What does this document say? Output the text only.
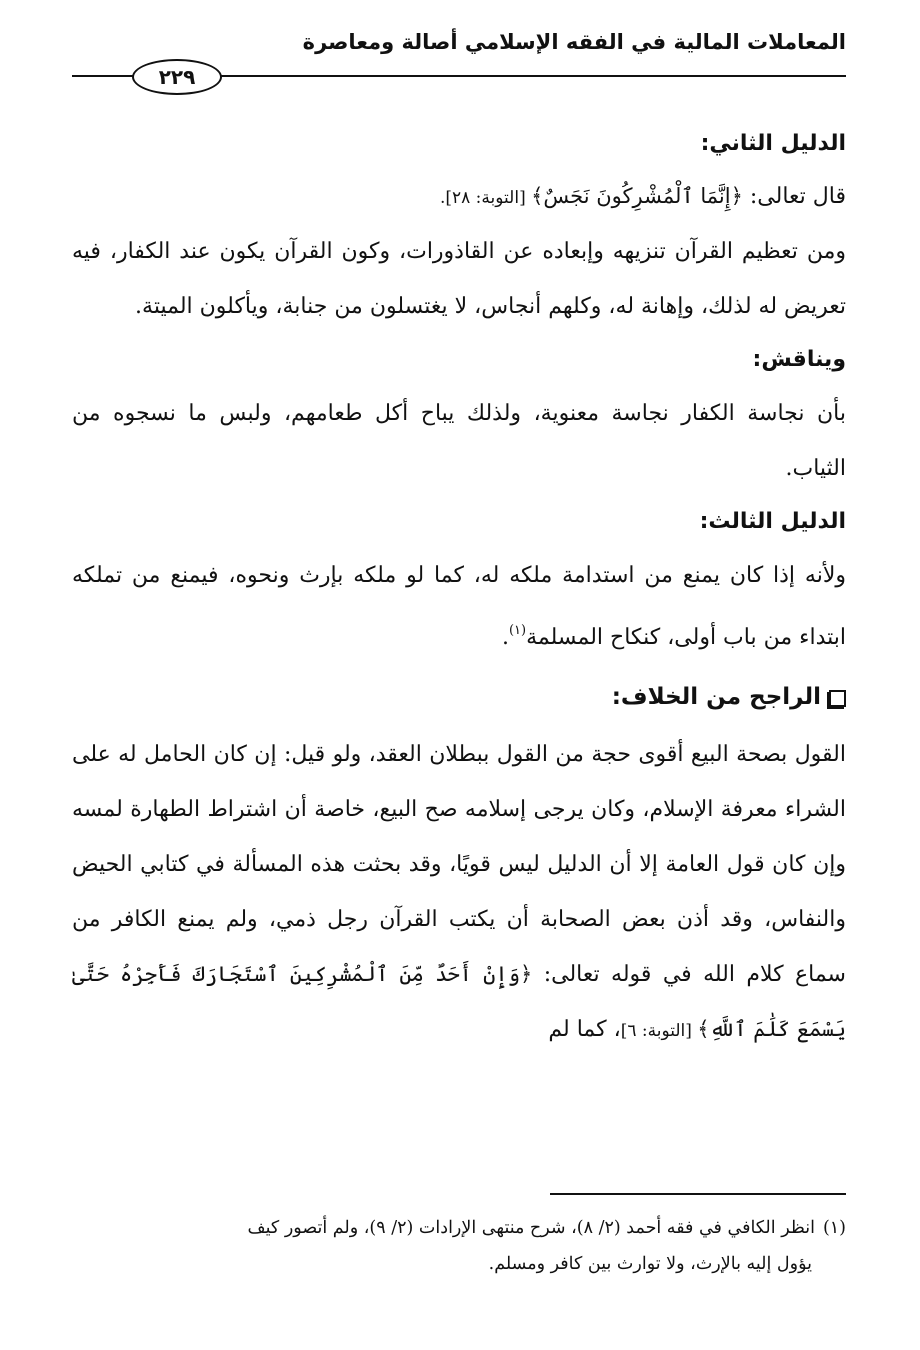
المعاملات المالية في الفقه الإسلامي أصالة ومعاصرة
٢٢٩

الدليل الثاني:

قال تعالى: ﴿إِنَّمَا ٱلْمُشْرِكُونَ نَجَسٌ﴾ [التوبة: ٢٨].

ومن تعظيم القرآن تنزيهه وإبعاده عن القاذورات، وكون القرآن يكون عند الكفار، فيه تعريض له لذلك، وإهانة له، وكلهم أنجاس، لا يغتسلون من جنابة، ويأكلون الميتة.

ويناقش:

بأن نجاسة الكفار نجاسة معنوية، ولذلك يباح أكل طعامهم، ولبس ما نسجوه من الثياب.

الدليل الثالث:

ولأنه إذا كان يمنع من استدامة ملكه له، كما لو ملكه بإرث ونحوه، فيمنع من تملكه ابتداء من باب أولى، كنكاح المسلمة$^{(١)}$.

الراجح من الخلاف:

القول بصحة البيع أقوى حجة من القول ببطلان العقد، ولو قيل: إن كان الحامل له على الشراء معرفة الإسلام، وكان يرجى إسلامه صح البيع، خاصة أن اشتراط الطهارة لمسه وإن كان قول العامة إلا أن الدليل ليس قويًا، وقد بحثت هذه المسألة في كتابي الحيض والنفاس، وقد أذن بعض الصحابة أن يكتب القرآن رجل ذمي، ولم يمنع الكافر من سماع كلام الله في قوله تعالى: ﴿وَإِنْ أَحَدٌ مِّنَ ٱلْمُشْرِكِينَ ٱسْتَجَارَكَ فَأَجِرْهُ حَتَّىٰ يَسْمَعَ كَلَٰمَ ٱللَّهِ﴾ [التوبة: ٦]، كما لم

(١)انظر الكافي في فقه أحمد (٢/ ٨)، شرح منتهى الإرادات (٢/ ٩)، ولم أتصور كيف
يؤول إليه بالإرث، ولا توارث بين كافر ومسلم.
